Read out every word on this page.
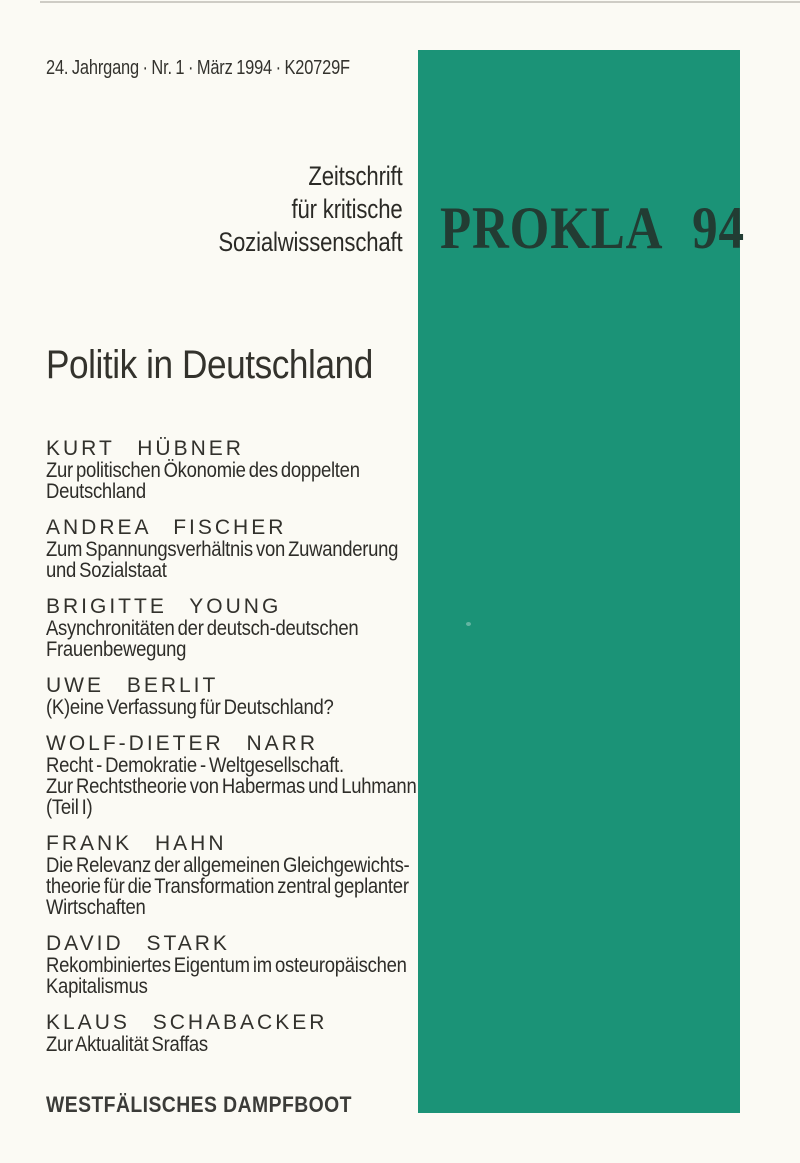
24. Jahrgang · Nr. 1 · März 1994 · K20729F
PROKLA 94
Zeitschrift
für kritische
Sozialwissenschaft
Politik in Deutschland
KURT HÜBNER
Zur politischen Ökonomie des doppelten
Deutschland
ANDREA FISCHER
Zum Spannungsverhältnis von Zuwanderung
und Sozialstaat
BRIGITTE YOUNG
Asynchronitäten der deutsch-deutschen
Frauenbewegung
UWE BERLIT
(K)eine Verfassung für Deutschland?
WOLF-DIETER NARR
Recht - Demokratie - Weltgesellschaft.
Zur Rechtstheorie von Habermas und Luhmann
(Teil I)
FRANK HAHN
Die Relevanz der allgemeinen Gleichgewichts-
theorie für die Transformation zentral geplanter
Wirtschaften
DAVID STARK
Rekombiniertes Eigentum im osteuropäischen
Kapitalismus
KLAUS SCHABACKER
Zur Aktualität Sraffas
WESTFÄLISCHES DAMPFBOOT
